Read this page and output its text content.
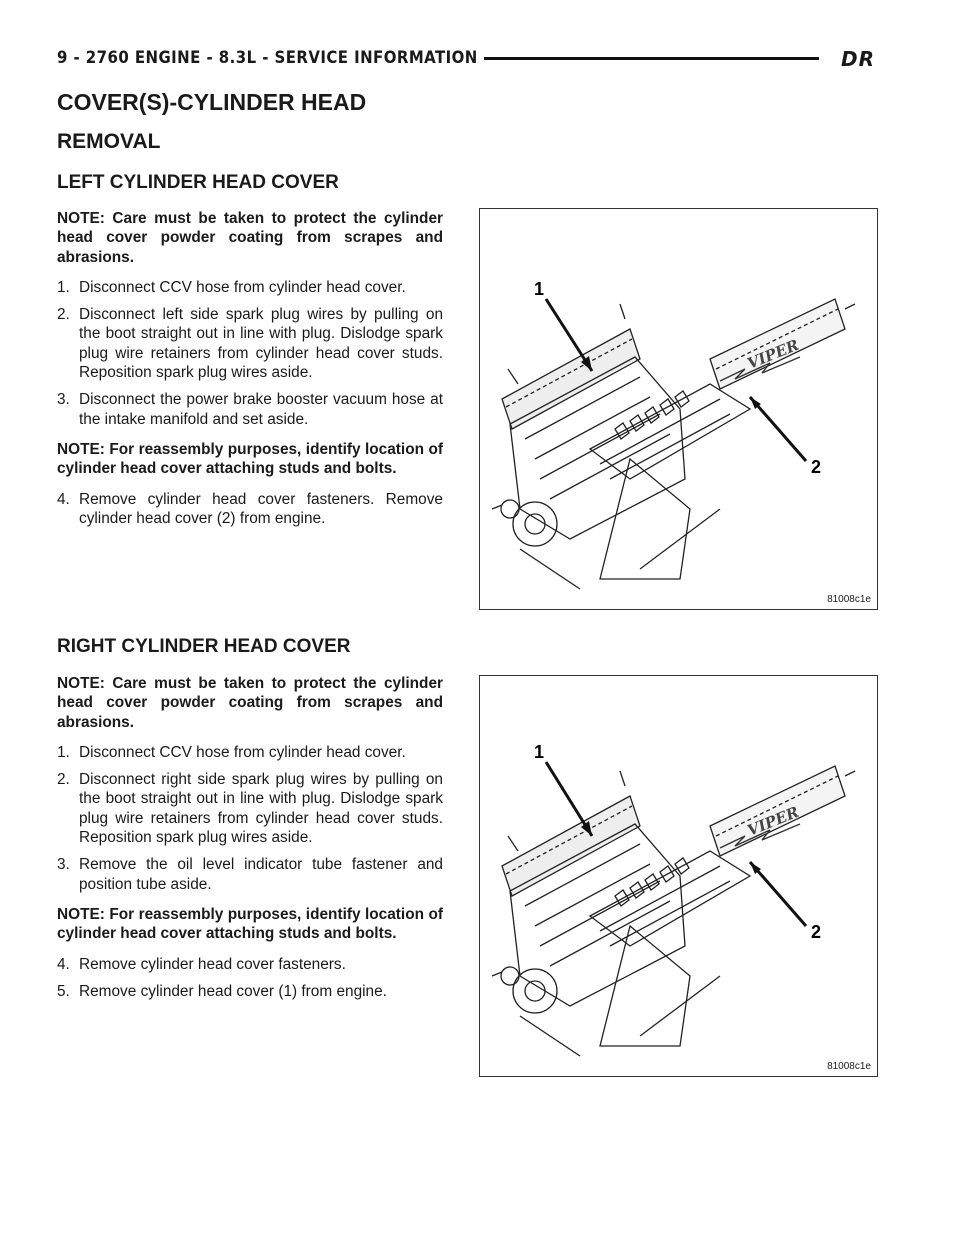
9 - 2760 ENGINE - 8.3L - SERVICE INFORMATION	DR
COVER(S)-CYLINDER HEAD
REMOVAL
LEFT CYLINDER HEAD COVER

NOTE: Care must be taken to protect the cylinder head cover powder coating from scrapes and abrasions.

1. Disconnect CCV hose from cylinder head cover.
2. Disconnect left side spark plug wires by pulling on the boot straight out in line with plug. Dislodge spark plug wire retainers from cylinder head cover studs. Reposition spark plug wires aside.
3. Disconnect the power brake booster vacuum hose at the intake manifold and set aside.

NOTE: For reassembly purposes, identify location of cylinder head cover attaching studs and bolts.

4. Remove cylinder head cover fasteners. Remove cylinder head cover (2) from engine.
VIPER
1
2
81008c1e
RIGHT CYLINDER HEAD COVER

NOTE: Care must be taken to protect the cylinder head cover powder coating from scrapes and abrasions.

1. Disconnect CCV hose from cylinder head cover.
2. Disconnect right side spark plug wires by pulling on the boot straight out in line with plug. Dislodge spark plug wire retainers from cylinder head cover studs. Reposition spark plug wires aside.
3. Remove the oil level indicator tube fastener and position tube aside.

NOTE: For reassembly purposes, identify location of cylinder head cover attaching studs and bolts.

4. Remove cylinder head cover fasteners.
5. Remove cylinder head cover (1) from engine.
VIPER
1
2
81008c1e
